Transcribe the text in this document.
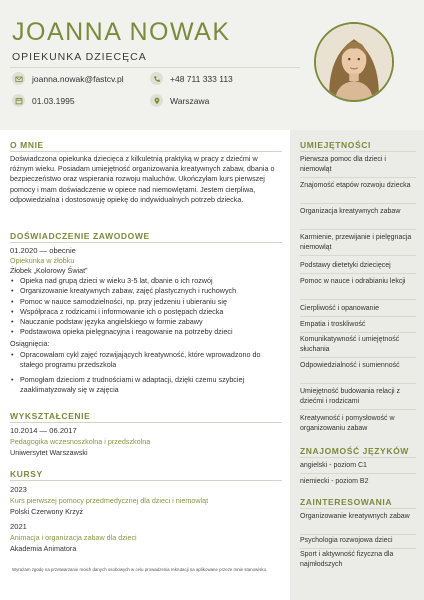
JOANNA NOWAK
OPIEKUNKA DZIECĘCA
joanna.nowak@fastcv.pl	+48 711 333 113
01.03.1995	Warszawa
O MNIE
Doświadczona opiekunka dziecięca z kilkuletnią praktyką w pracy z dziećmi w różnym wieku. Posiadam umiejętność organizowania kreatywnych zabaw, dbania o bezpieczeństwo oraz wspierania rozwoju maluchów. Ukończyłam kurs pierwszej pomocy i mam doświadczenie w opiece nad niemowlętami. Jestem cierpliwa, odpowiedzialna i dostosowuję opiekę do indywidualnych potrzeb dziecka.
DOŚWIADCZENIE ZAWODOWE
01.2020 — obecnie
Opiekunka w żłobku
Żłobek „Kolorowy Świat”
• Opieka nad grupą dzieci w wieku 3-5 lat, dbanie o ich rozwój
• Organizowanie kreatywnych zabaw, zajęć plastycznych i ruchowych
• Pomoc w nauce samodzielności, np. przy jedzeniu i ubieraniu się
• Współpraca z rodzicami i informowanie ich o postępach dziecka
• Nauczanie podstaw języka angielskiego w formie zabawy
• Podstawowa opieka pielęgnacyjna i reagowanie na potrzeby dzieci
Osiągnięcia:
• Opracowałam cykl zajęć rozwijających kreatywność, które wprowadzono do stałego programu przedszkola
• Pomogłam dzieciom z trudnościami w adaptacji, dzięki czemu szybciej zaaklimatyzowały się w zajęcia
WYKSZTAŁCENIE
10.2014 — 06.2017
Pedagogika wczesnoszkolna i przedszkolna
Uniwersytet Warszawski
KURSY
2023
Kurs pierwszej pomocy przedmedycznej dla dzieci i niemowląt
Polski Czerwony Krzyż
2021
Animacja i organizacja zabaw dla dzieci
Akademia Animatora
Wyrażam zgodę na przetwarzanie moich danych osobowych w celu prowadzenia rekrutacji na aplikowane przeze mnie stanowisko.
UMIEJĘTNOŚCI
Pierwsza pomoc dla dzieci i niemowląt
Znajomość etapów rozwoju dziecka
Organizacja kreatywnych zabaw
Karmienie, przewijanie i pielęgnacja niemowląt
Podstawy dietetyki dziecięcej
Pomoc w nauce i odrabianiu lekcji
Cierpliwość i opanowanie
Empatia i troskliwość
Komunikatywność i umiejętność słuchania
Odpowiedzialność i sumienność
Umiejętność budowania relacji z dziećmi i rodzicami
Kreatywność i pomysłowość w organizowaniu zabaw
ZNAJOMOŚĆ JĘZYKÓW
angielski - poziom C1
niemiecki - poziom B2
ZAINTERESOWANIA
Organizowanie kreatywnych zabaw
Psychologia rozwojowa dzieci
Sport i aktywność fizyczna dla najmłodszych
